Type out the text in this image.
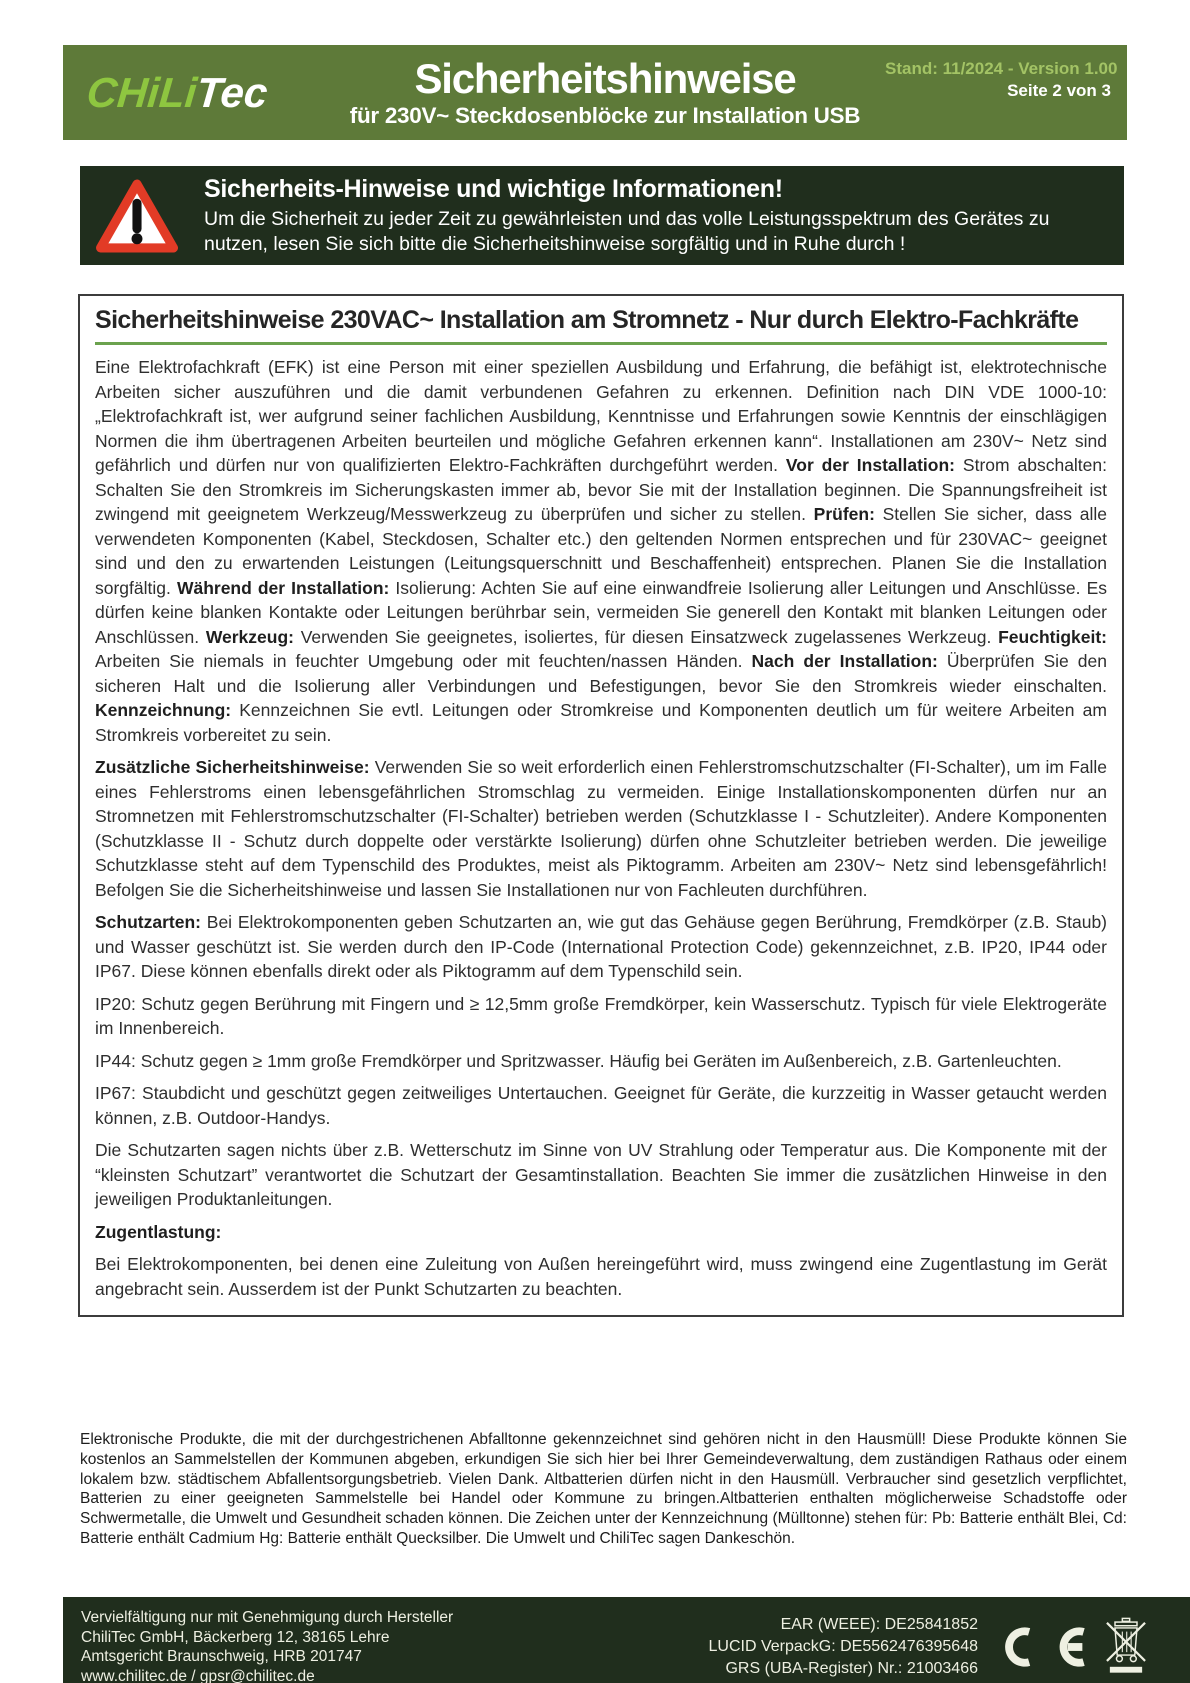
CHiLiTec	Sicherheitshinweise
für 230V~ Steckdosenblöcke zur Installation USB
Stand: 11/2024 - Version 1.00
Seite 2 von 3
Sicherheits-Hinweise und wichtige Informationen!
Um die Sicherheit zu jeder Zeit zu gewährleisten und das volle Leistungsspektrum des Gerätes zu nutzen, lesen Sie sich bitte die Sicherheitshinweise sorgfältig und in Ruhe durch !
Sicherheitshinweise 230VAC~ Installation am Stromnetz - Nur durch Elektro-Fachkräfte

Eine Elektrofachkraft (EFK) ist eine Person mit einer speziellen Ausbildung und Erfahrung, die befähigt ist, elektrotechnische Arbeiten sicher auszuführen und die damit verbundenen Gefahren zu erkennen. Definition nach DIN VDE 1000-10:„Elektrofachkraft ist, wer aufgrund seiner fachlichen Ausbildung, Kenntnisse und Erfahrungen sowie Kenntnis der einschlägigen Normen die ihm übertragenen Arbeiten beurteilen und mögliche Gefahren erkennen kann“. Installationen am 230V~ Netz sind gefährlich und dürfen nur von qualifizierten Elektro-Fachkräften durchgeführt werden. Vor der Installation: Strom abschalten: Schalten Sie den Stromkreis im Sicherungskasten immer ab, bevor Sie mit der Installation beginnen. Die Spannungsfreiheit ist zwingend mit geeignetem Werkzeug/Messwerkzeug zu überprüfen und sicher zu stellen. Prüfen: Stellen Sie sicher, dass alle verwendeten Komponenten (Kabel, Steckdosen, Schalter etc.) den geltenden Normen entsprechen und für 230VAC~ geeignet sind und den zu erwartenden Leistungen (Leitungsquerschnitt und Beschaffenheit) entsprechen. Planen Sie die Installation sorgfältig. Während der Installation: Isolierung: Achten Sie auf eine einwandfreie Isolierung aller Leitungen und Anschlüsse. Es dürfen keine blanken Kontakte oder Leitungen berührbar sein, vermeiden Sie generell den Kontakt mit blanken Leitungen oder Anschlüssen. Werkzeug: Verwenden Sie geeignetes, isoliertes, für diesen Einsatzweck zugelassenes Werkzeug. Feuchtigkeit: Arbeiten Sie niemals in feuchter Umgebung oder mit feuchten/nassen Händen. Nach der Installation: Überprüfen Sie den sicheren Halt und die Isolierung aller Verbindungen und Befestigungen, bevor Sie den Stromkreis wieder einschalten. Kennzeichnung: Kennzeichnen Sie evtl. Leitungen oder Stromkreise und Komponenten deutlich um für weitere Arbeiten am Stromkreis vorbereitet zu sein.

Zusätzliche Sicherheitshinweise: Verwenden Sie so weit erforderlich einen Fehlerstromschutzschalter (FI-Schalter), um im Falle eines Fehlerstroms einen lebensgefährlichen Stromschlag zu vermeiden. Einige Installationskomponenten dürfen nur an Stromnetzen mit Fehlerstromschutzschalter (FI-Schalter) betrieben werden (Schutzklasse I - Schutzleiter). Andere Komponenten (Schutzklasse II - Schutz durch doppelte oder verstärkte Isolierung) dürfen ohne Schutzleiter betrieben werden. Die jeweilige Schutzklasse steht auf dem Typenschild des Produktes, meist als Piktogramm. Arbeiten am 230V~ Netz sind lebensgefährlich! Befolgen Sie die Sicherheitshinweise und lassen Sie Installationen nur von Fachleuten durchführen.

Schutzarten: Bei Elektrokomponenten geben Schutzarten an, wie gut das Gehäuse gegen Berührung, Fremdkörper (z.B. Staub) und Wasser geschützt ist. Sie werden durch den IP-Code (International Protection Code) gekennzeichnet, z.B. IP20, IP44 oder IP67. Diese können ebenfalls direkt oder als Piktogramm auf dem Typenschild sein.

IP20: Schutz gegen Berührung mit Fingern und ≥ 12,5mm große Fremdkörper, kein Wasserschutz. Typisch für viele Elektrogeräte im Innenbereich.

IP44: Schutz gegen ≥ 1mm große Fremdkörper und Spritzwasser. Häufig bei Geräten im Außenbereich, z.B. Gartenleuchten.

IP67: Staubdicht und geschützt gegen zeitweiliges Untertauchen. Geeignet für Geräte, die kurzzeitig in Wasser getaucht werden können, z.B. Outdoor-Handys.

Die Schutzarten sagen nichts über z.B. Wetterschutz im Sinne von UV Strahlung oder Temperatur aus. Die Komponente mit der “kleinsten Schutzart” verantwortet die Schutzart der Gesamtinstallation. Beachten Sie immer die zusätzlichen Hinweise in den jeweiligen Produktanleitungen.

Zugentlastung:

Bei Elektrokomponenten, bei denen eine Zuleitung von Außen hereingeführt wird, muss zwingend eine Zugentlastung im Gerät angebracht sein. Ausserdem ist der Punkt Schutzarten zu beachten.

Elektronische Produkte, die mit der durchgestrichenen Abfalltonne gekennzeichnet sind gehören nicht in den Hausmüll! Diese Produkte können Sie kostenlos an Sammelstellen der Kommunen abgeben, erkundigen Sie sich hier bei Ihrer Gemeindeverwaltung, dem zuständigen Rathaus oder einem lokalem bzw. städtischem Abfallentsorgungsbetrieb. Vielen Dank. Altbatterien dürfen nicht in den Hausmüll. Verbraucher sind gesetzlich verpflichtet, Batterien zu einer geeigneten Sammelstelle bei Handel oder Kommune zu bringen.Altbatterien enthalten möglicherweise Schadstoffe oder Schwermetalle, die Umwelt und Gesundheit schaden können. Die Zeichen unter der Kennzeichnung (Mülltonne) stehen für: Pb: Batterie enthält Blei, Cd: Batterie enthält Cadmium Hg: Batterie enthält Quecksilber. Die Umwelt und ChiliTec sagen Dankeschön.
Vervielfältigung nur mit Genehmigung durch Hersteller
ChiliTec GmbH, Bäckerberg 12, 38165 Lehre
Amtsgericht Braunschweig, HRB 201747
www.chilitec.de / gpsr@chilitec.de
EAR (WEEE): DE25841852
LUCID VerpackG: DE5562476395648
GRS (UBA-Register) Nr.: 21003466
